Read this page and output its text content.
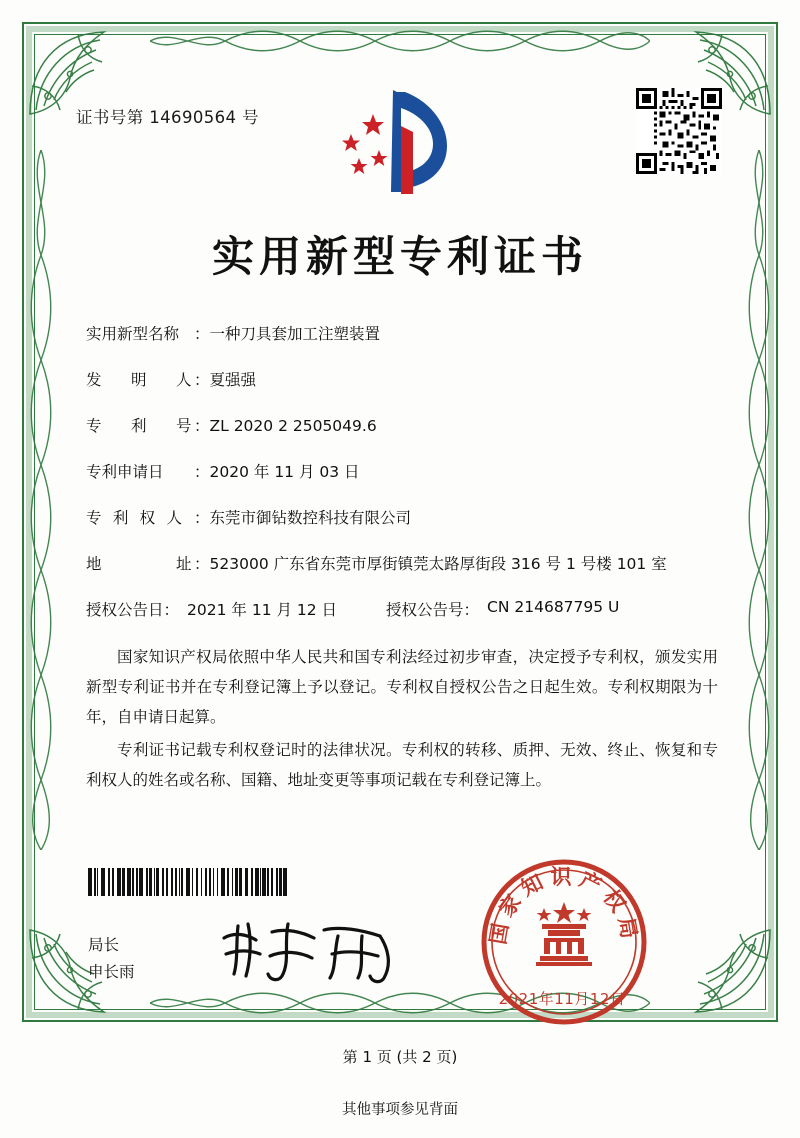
证书号第 14690564 号
实用新型专利证书
实用新型名称 ： 一种刀具套加工注塑装置
发　明　人
： 夏强强
专　利　号
： ZL 2020 2 2505049.6
专利申请日	： 2020 年 11 月 03 日
专 利 权 人 ： 东莞市御钻数控科技有限公司
地　　　址
： 523000 广东省东莞市厚街镇莞太路厚街段 316 号 1 号楼 101 室
授权公告日 ： 2021 年 11 月 12 日	授权公告号 ： CN 214687795 U

国家知识产权局依照中华人民共和国专利法经过初步审查，决定授予专利权，颁发实用新型专利证书并在专利登记簿上予以登记。专利权自授权公告之日起生效。专利权期限为十年，自申请日起算。

专利证书记载专利权登记时的法律状况。专利权的转移、质押、无效、终止、恢复和专利权人的姓名或名称、国籍、地址变更等事项记载在专利登记簿上。

局长
申长雨
国家知识产权局
2021年11月12日
第 1 页 (共 2 页)
其他事项参见背面
